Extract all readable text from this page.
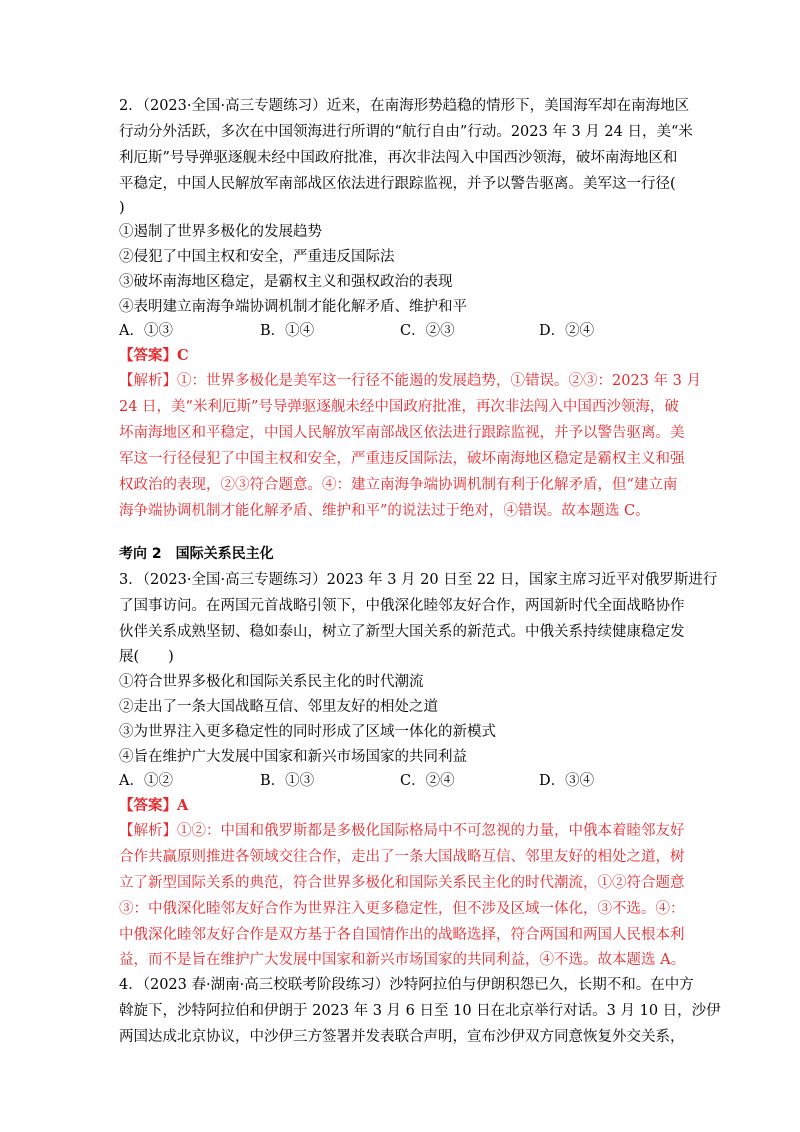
2．（2023·全国·高三专题练习）近来，在南海形势趋稳的情形下，美国海军却在南海地区
行动分外活跃，多次在中国领海进行所谓的“航行自由”行动。2023 年 3 月 24 日，美“米
利厄斯”号导弹驱逐舰未经中国政府批准，再次非法闯入中国西沙领海，破坏南海地区和
平稳定，中国人民解放军南部战区依法进行跟踪监视，并予以警告驱离。美军这一行径(
)
①遏制了世界多极化的发展趋势
②侵犯了中国主权和安全，严重违反国际法
③破坏南海地区稳定，是霸权主义和强权政治的表现
④表明建立南海争端协调机制才能化解矛盾、维护和平
A．①③	B．①④	C．②③	D．②④
【答案】C
【解析】①：世界多极化是美军这一行径不能遏的发展趋势，①错误。②③：2023 年 3 月
24 日，美“米利厄斯”号导弹驱逐舰未经中国政府批准，再次非法闯入中国西沙领海，破
坏南海地区和平稳定，中国人民解放军南部战区依法进行跟踪监视，并予以警告驱离。美
军这一行径侵犯了中国主权和安全，严重违反国际法，破坏南海地区稳定是霸权主义和强
权政治的表现，②③符合题意。④：建立南海争端协调机制有利于化解矛盾，但“建立南
海争端协调机制才能化解矛盾、维护和平”的说法过于绝对，④错误。故本题选 C。
考向 2　国际关系民主化
3．（2023·全国·高三专题练习）2023 年 3 月 20 日至 22 日，国家主席习近平对俄罗斯进行
了国事访问。在两国元首战略引领下，中俄深化睦邻友好合作，两国新时代全面战略协作
伙伴关系成熟坚韧、稳如泰山，树立了新型大国关系的新范式。中俄关系持续健康稳定发
展(　　)
①符合世界多极化和国际关系民主化的时代潮流
②走出了一条大国战略互信、邻里友好的相处之道
③为世界注入更多稳定性的同时形成了区域一体化的新模式
④旨在维护广大发展中国家和新兴市场国家的共同利益
A．①②	B．①③	C．②④	D．③④
【答案】A
【解析】①②：中国和俄罗斯都是多极化国际格局中不可忽视的力量，中俄本着睦邻友好
合作共赢原则推进各领域交往合作，走出了一条大国战略互信、邻里友好的相处之道，树
立了新型国际关系的典范，符合世界多极化和国际关系民主化的时代潮流，①②符合题意
③：中俄深化睦邻友好合作为世界注入更多稳定性，但不涉及区域一体化，③不选。④：
中俄深化睦邻友好合作是双方基于各自国情作出的战略选择，符合两国和两国人民根本利
益，而不是旨在维护广大发展中国家和新兴市场国家的共同利益，④不选。故本题选 A。
4．（2023 春·湖南·高三校联考阶段练习）沙特阿拉伯与伊朗积怨已久，长期不和。在中方
斡旋下，沙特阿拉伯和伊朗于 2023 年 3 月 6 日至 10 日在北京举行对话。3 月 10 日，沙伊
两国达成北京协议，中沙伊三方签署并发表联合声明，宣布沙伊双方同意恢复外交关系，
